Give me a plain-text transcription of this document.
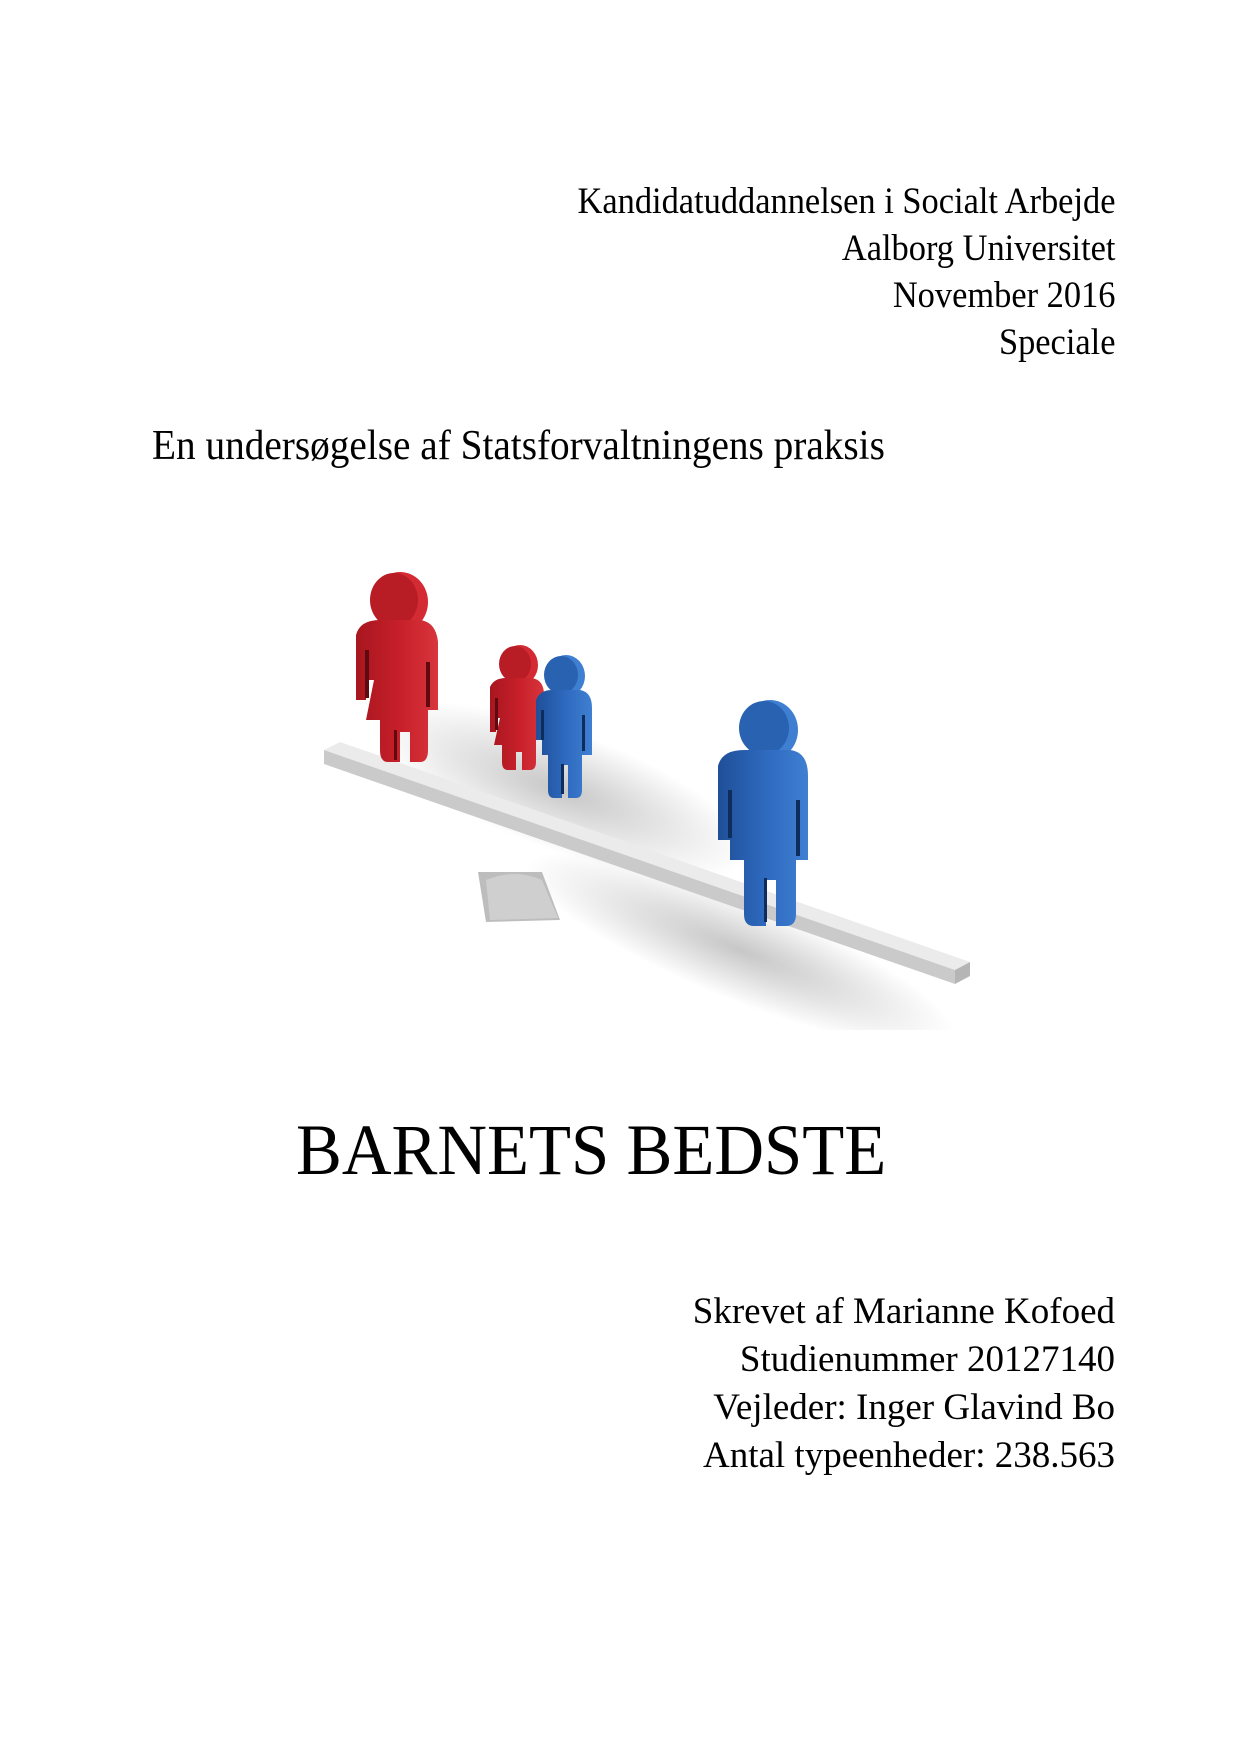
Kandidatuddannelsen i Socialt Arbejde
Aalborg Universitet
November 2016
Speciale
En undersøgelse af Statsforvaltningens praksis
BARNETS BEDSTE
Skrevet af Marianne Kofoed
Studienummer 20127140
Vejleder: Inger Glavind Bo
Antal typeenheder: 238.563
